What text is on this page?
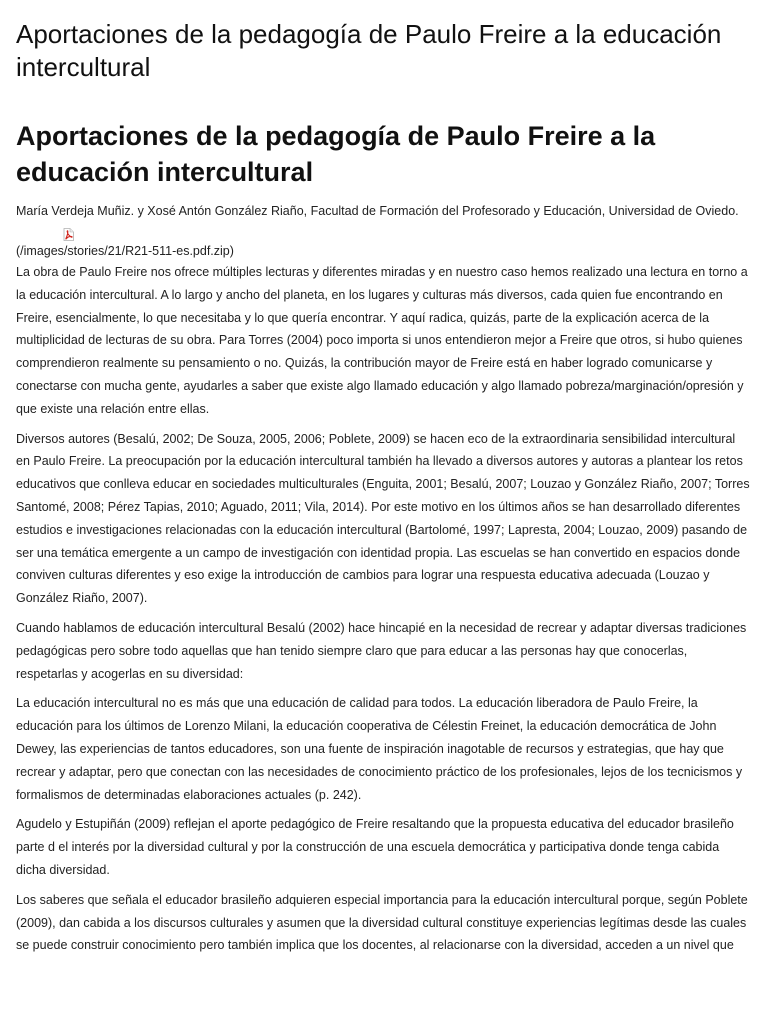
Aportaciones de la pedagogía de Paulo Freire a la educación intercultural
Aportaciones de la pedagogía de Paulo Freire a la educación intercultural

María Verdeja Muñiz. y Xosé Antón González Riaño, Facultad de Formación del Profesorado y Educación, Universidad de Oviedo.

(/images/stories/21/R21-511-es.pdf.zip)

La obra de Paulo Freire nos ofrece múltiples lecturas y diferentes miradas y en nuestro caso hemos realizado una lectura en torno a la educación intercultural. A lo largo y ancho del planeta, en los lugares y culturas más diversos, cada quien fue encontrando en Freire, esencialmente, lo que necesitaba y lo que quería encontrar. Y aquí radica, quizás, parte de la explicación acerca de la multiplicidad de lecturas de su obra. Para Torres (2004) poco importa si unos entendieron mejor a Freire que otros, si hubo quienes comprendieron realmente su pensamiento o no. Quizás, la contribución mayor de Freire está en haber logrado comunicarse y conectarse con mucha gente, ayudarles a saber que existe algo llamado educación y algo llamado pobreza/marginación/opresión y que existe una relación entre ellas.

Diversos autores (Besalú, 2002; De Souza, 2005, 2006; Poblete, 2009) se hacen eco de la extraordinaria sensibilidad intercultural en Paulo Freire. La preocupación por la educación intercultural también ha llevado a diversos autores y autoras a plantear los retos educativos que conlleva educar en sociedades multiculturales (Enguita, 2001; Besalú, 2007; Louzao y González Riaño, 2007; Torres Santomé, 2008; Pérez Tapias, 2010; Aguado, 2011; Vila, 2014). Por este motivo en los últimos años se han desarrollado diferentes estudios e investigaciones relacionadas con la educación intercultural (Bartolomé, 1997; Lapresta, 2004; Louzao, 2009) pasando de ser una temática emergente a un campo de investigación con identidad propia. Las escuelas se han convertido en espacios donde conviven culturas diferentes y eso exige la introducción de cambios para lograr una respuesta educativa adecuada (Louzao y González Riaño, 2007).

Cuando hablamos de educación intercultural Besalú (2002) hace hincapié en la necesidad de recrear y adaptar diversas tradiciones pedagógicas pero sobre todo aquellas que han tenido siempre claro que para educar a las personas hay que conocerlas, respetarlas y acogerlas en su diversidad:

La educación intercultural no es más que una educación de calidad para todos. La educación liberadora de Paulo Freire, la educación para los últimos de Lorenzo Milani, la educación cooperativa de Célestin Freinet, la educación democrática de John Dewey, las experiencias de tantos educadores, son una fuente de inspiración inagotable de recursos y estrategias, que hay que recrear y adaptar, pero que conectan con las necesidades de conocimiento práctico de los profesionales, lejos de los tecnicismos y formalismos de determinadas elaboraciones actuales (p. 242).

Agudelo y Estupiñán (2009) reflejan el aporte pedagógico de Freire resaltando que la propuesta educativa del educador brasileño parte d el interés por la diversidad cultural y por la construcción de una escuela democrática y participativa donde tenga cabida dicha diversidad.

Los saberes que señala el educador brasileño adquieren especial importancia para la educación intercultural porque, según Poblete (2009), dan cabida a los discursos culturales y asumen que la diversidad cultural constituye experiencias legítimas desde las cuales se puede construir conocimiento pero también implica que los docentes, al relacionarse con la diversidad, acceden a un nivel que
